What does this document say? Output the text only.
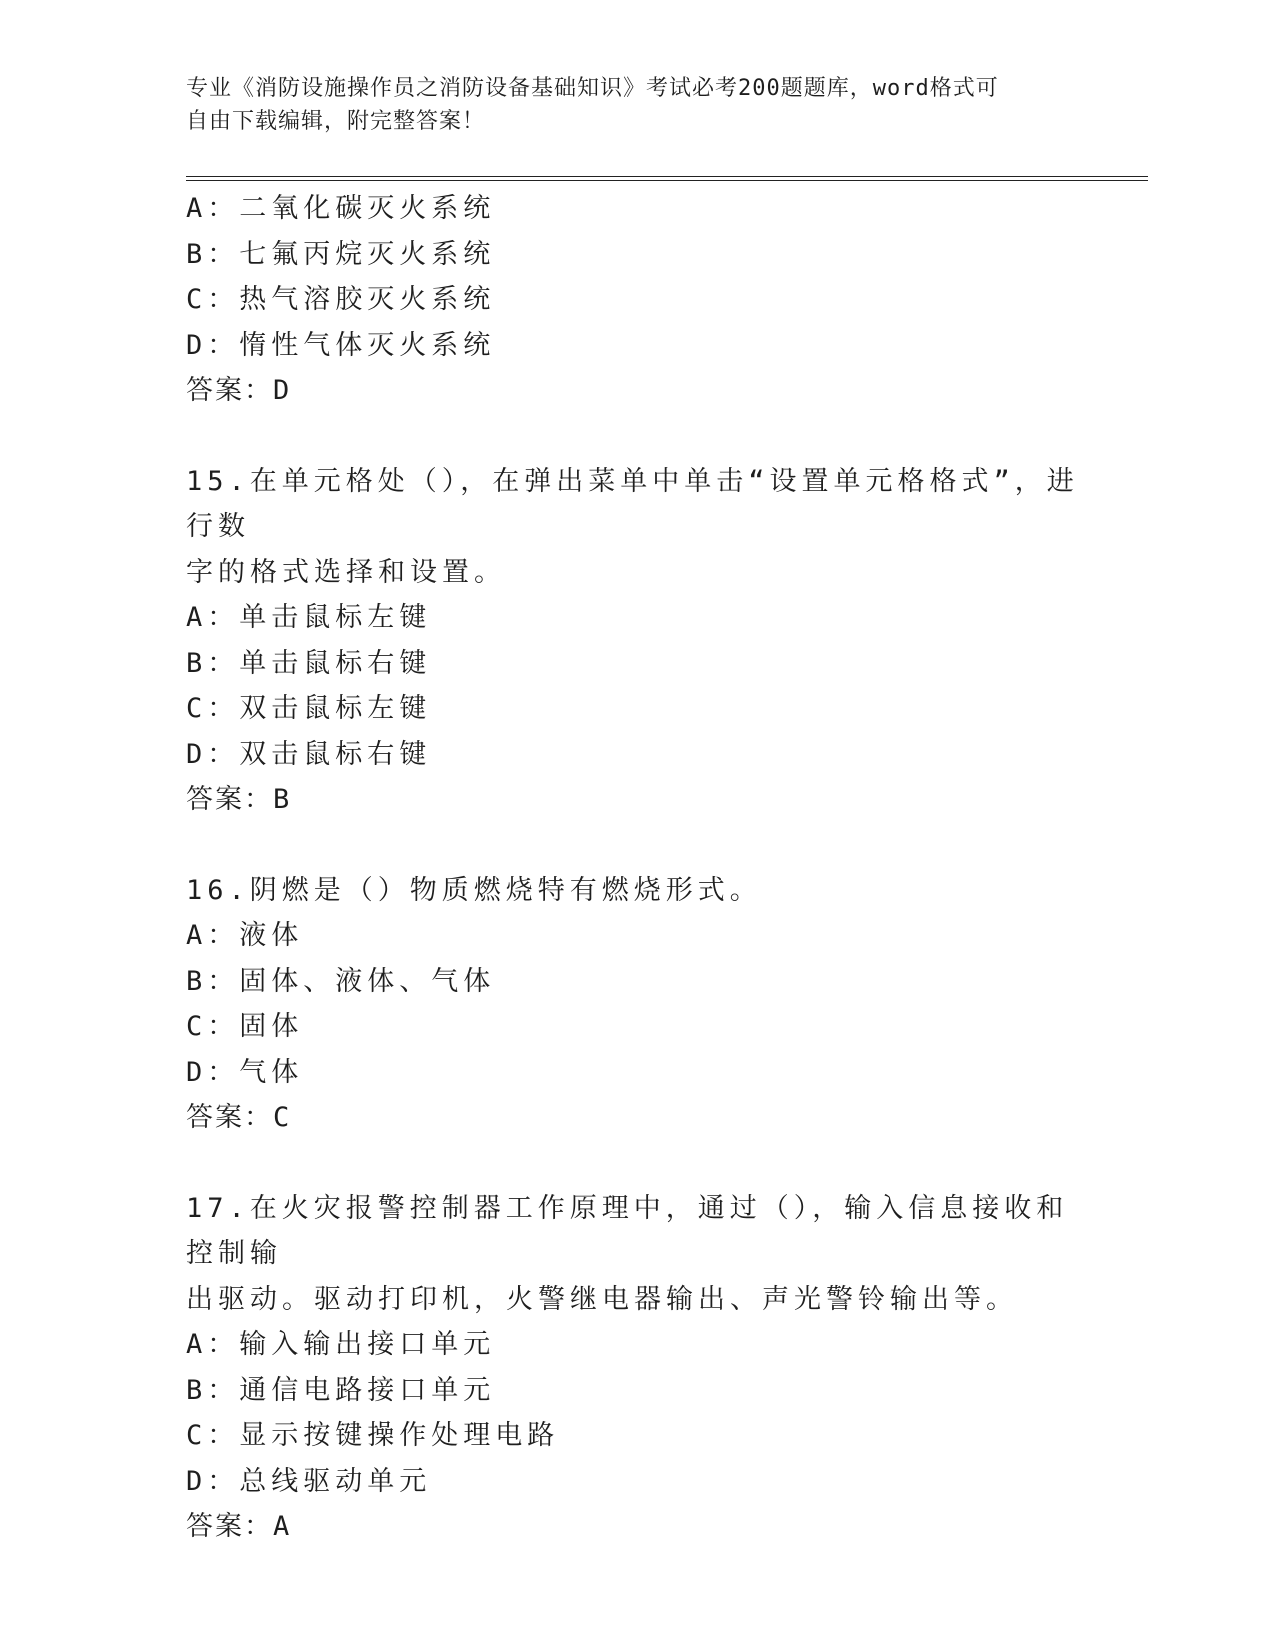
专业《消防设施操作员之消防设备基础知识》考试必考200题题库，word格式可
自由下载编辑，附完整答案！
A：二氧化碳灭火系统
B：七氟丙烷灭火系统
C：热气溶胶灭火系统
D：惰性气体灭火系统
答案：D
15.在单元格处（），在弹出菜单中单击“设置单元格格式”，进行数
字的格式选择和设置。
A：单击鼠标左键
B：单击鼠标右键
C：双击鼠标左键
D：双击鼠标右键
答案：B
16.阴燃是（）物质燃烧特有燃烧形式。
A：液体
B：固体、液体、气体
C：固体
D：气体
答案：C
17.在火灾报警控制器工作原理中，通过（），输入信息接收和控制输
出驱动。驱动打印机，火警继电器输出、声光警铃输出等。
A：输入输出接口单元
B：通信电路接口单元
C：显示按键操作处理电路
D：总线驱动单元
答案：A
